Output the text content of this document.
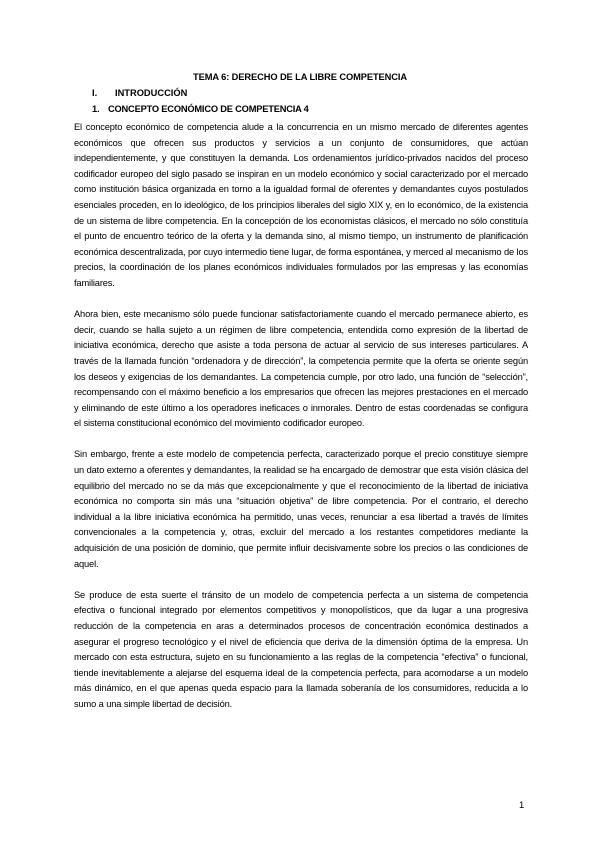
TEMA 6: DERECHO DE LA LIBRE COMPETENCIA
I. INTRODUCCIÓN
1. CONCEPTO ECONÓMICO DE COMPETENCIA 4

El concepto económico de competencia alude a la concurrencia en un mismo mercado de diferentes agentes económicos que ofrecen sus productos y servicios a un conjunto de consumidores, que actúan independientemente, y que constituyen la demanda. Los ordenamientos jurídico-privados nacidos del proceso codificador europeo del siglo pasado se inspiran en un modelo económico y social caracterizado por el mercado como institución básica organizada en torno a la igualdad formal de oferentes y demandantes cuyos postulados esenciales proceden, en lo ideológico, de los principios liberales del siglo XIX y, en lo económico, de la existencia de un sistema de libre competencia. En la concepción de los economistas clásicos, el mercado no sólo constituía el punto de encuentro teórico de la oferta y la demanda sino, al mismo tiempo, un instrumento de planificación económica descentralizada, por cuyo intermedio tiene lugar, de forma espontánea, y merced al mecanismo de los precios, la coordinación de los planes económicos individuales formulados por las empresas y las economías familiares.

Ahora bien, este mecanismo sólo puede funcionar satisfactoriamente cuando el mercado permanece abierto, es decir, cuando se halla sujeto a un régimen de libre competencia, entendida como expresión de la libertad de iniciativa económica, derecho que asiste a toda persona de actuar al servicio de sus intereses particulares. A través de la llamada función “ordenadora y de dirección”, la competencia permite que la oferta se oriente según los deseos y exigencias de los demandantes. La competencia cumple, por otro lado, una función de “selección”, recompensando con el máximo beneficio a los empresarios que ofrecen las mejores prestaciones en el mercado y eliminando de este último a los operadores ineficaces o inmorales. Dentro de estas coordenadas se configura el sistema constitucional económico del movimiento codificador europeo.

Sin embargo, frente a este modelo de competencia perfecta, caracterizado porque el precio constituye siempre un dato externo a oferentes y demandantes, la realidad se ha encargado de demostrar que esta visión clásica del equilibrio del mercado no se da más que excepcionalmente y que el reconocimiento de la libertad de iniciativa económica no comporta sin más una “situación objetiva” de libre competencia. Por el contrario, el derecho individual a la libre iniciativa económica ha permitido, unas veces, renunciar a esa libertad a través de límites convencionales a la competencia y, otras, excluir del mercado a los restantes competidores mediante la adquisición de una posición de dominio, que permite influir decisivamente sobre los precios o las condiciones de aquel.

Se produce de esta suerte el tránsito de un modelo de competencia perfecta a un sistema de competencia efectiva o funcional integrado por elementos competitivos y monopolísticos, que da lugar a una progresiva reducción de la competencia en aras a determinados procesos de concentración económica destinados a asegurar el progreso tecnológico y el nivel de eficiencia que deriva de la dimensión óptima de la empresa. Un mercado con esta estructura, sujeto en su funcionamiento a las reglas de la competencia “efectiva” o funcional, tiende inevitablemente a alejarse del esquema ideal de la competencia perfecta, para acomodarse a un modelo más dinámico, en el que apenas queda espacio para la llamada soberanía de los consumidores, reducida a lo sumo a una simple libertad de decisión.

1
